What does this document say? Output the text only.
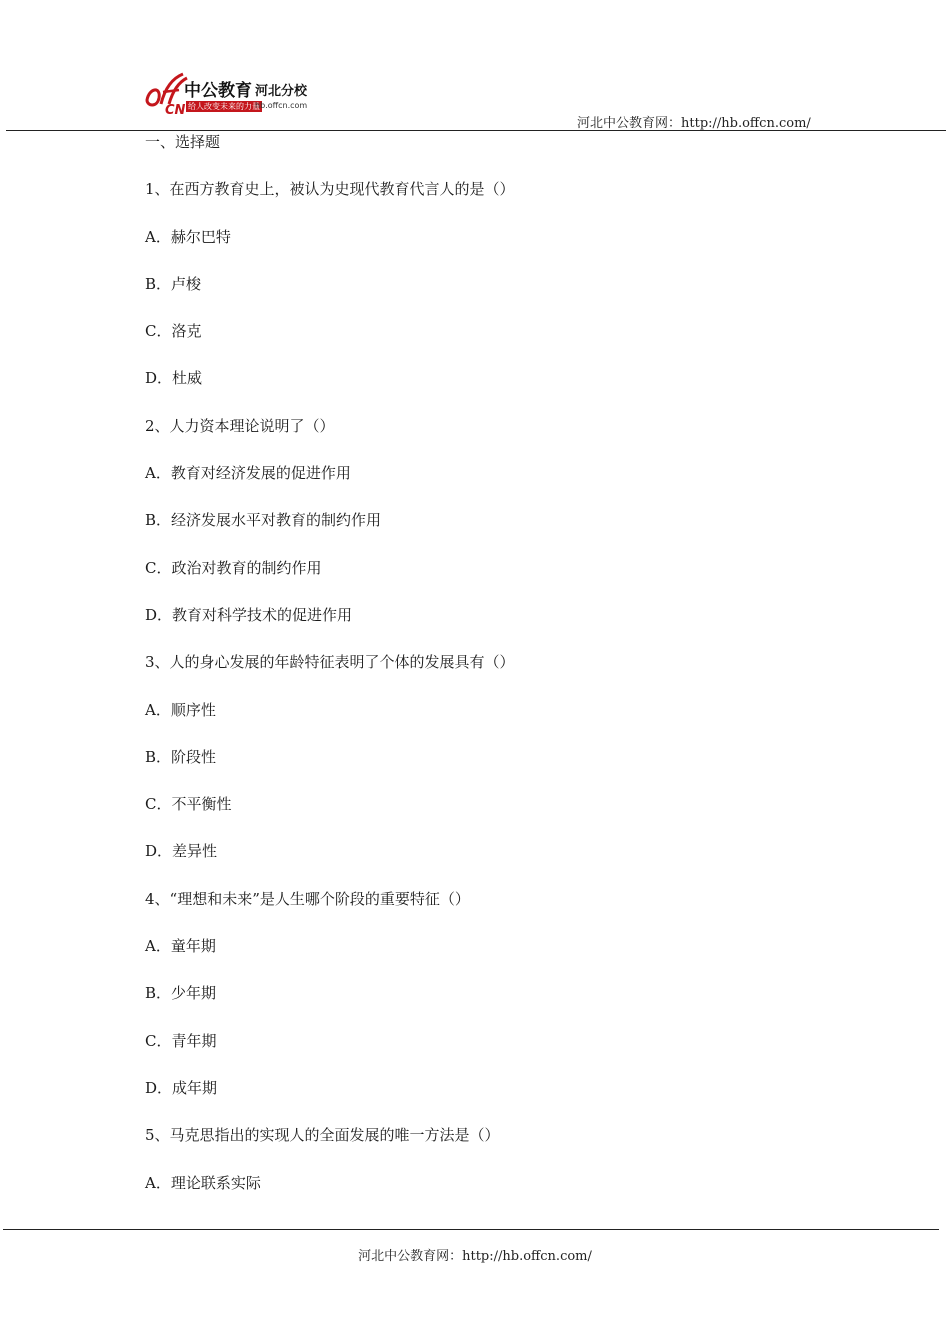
CN
中公教育 河北分校
给人改变未来的力量
hb.offcn.com
河北中公教育网：http://hb.offcn.com/
一、选择题
1、在西方教育史上，被认为史现代教育代言人的是（）
A．赫尔巴特
B．卢梭
C．洛克
D．杜威
2、人力资本理论说明了（）
A．教育对经济发展的促进作用
B．经济发展水平对教育的制约作用
C．政治对教育的制约作用
D．教育对科学技术的促进作用
3、人的身心发展的年龄特征表明了个体的发展具有（）
A．顺序性
B．阶段性
C．不平衡性
D．差异性
4、“理想和未来”是人生哪个阶段的重要特征（）
A．童年期
B．少年期
C．青年期
D．成年期
5、马克思指出的实现人的全面发展的唯一方法是（）
A．理论联系实际
河北中公教育网：http://hb.offcn.com/
